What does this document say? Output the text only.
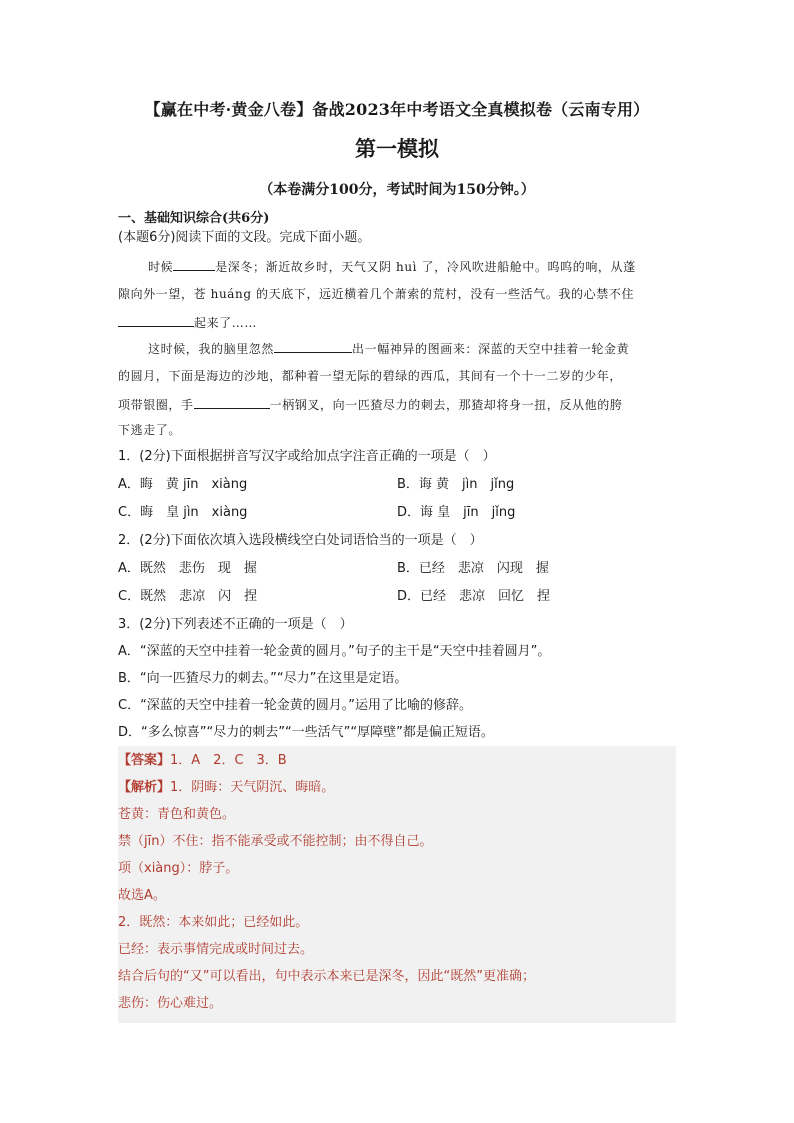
【赢在中考·黄金八卷】备战2023年中考语文全真模拟卷（云南专用）
第一模拟
（本卷满分100分，考试时间为150分钟。）
一、基础知识综合(共6分)
(本题6分)阅读下面的文段。完成下面小题。
时候	是深冬；渐近故乡时，天气又阴 huì 了，冷风吹进船舱中。呜呜的响，从蓬
隙向外一望，苍 huáng 的天底下，远近横着几个萧索的荒村，没有一些活气。我的心禁不住
起来了……
这时候，我的脑里忽然	出一幅神异的图画来：深蓝的天空中挂着一轮金黄
的圆月，下面是海边的沙地，都种着一望无际的碧绿的西瓜，其间有一个十一二岁的少年，
项带银圈，手	一柄钢叉，向一匹猹尽力的刺去，那猹却将身一扭，反从他的胯
下逃走了。
1．(2分)下面根据拼音写汉字或给加点字注音正确的一项是（　）
A．晦　黄 jīn　xiàng	B．诲 黄　jìn　jǐng
C．晦　皇 jìn　xiàng	D．诲 皇　jīn　jǐng
2．(2分)下面依次填入选段横线空白处词语恰当的一项是（　）
A．既然　悲伤　现　握	B．已经　悲凉　闪现　握
C．既然　悲凉　闪　捏	D．已经　悲凉　回忆　捏
3．(2分)下列表述不正确的一项是（　）
A．“深蓝的天空中挂着一轮金黄的圆月。”句子的主干是“天空中挂着圆月”。
B．“向一匹猹尽力的刺去。”“尽力”在这里是定语。
C．“深蓝的天空中挂着一轮金黄的圆月。”运用了比喻的修辞。
D．“多么惊喜”“尽力的刺去”“一些活气”“厚障壁”都是偏正短语。
【答案】1．A　2．C　3．B
【解析】1．阴晦：天气阴沉、晦暗。
苍黄：青色和黄色。
禁（jīn）不住：指不能承受或不能控制；由不得自己。
项（xiàng）：脖子。
故选A。
2．既然：本来如此；已经如此。
已经：表示事情完成或时间过去。
结合后句的“又”可以看出，句中表示本来已是深冬，因此“既然”更准确；
悲伤：伤心难过。
